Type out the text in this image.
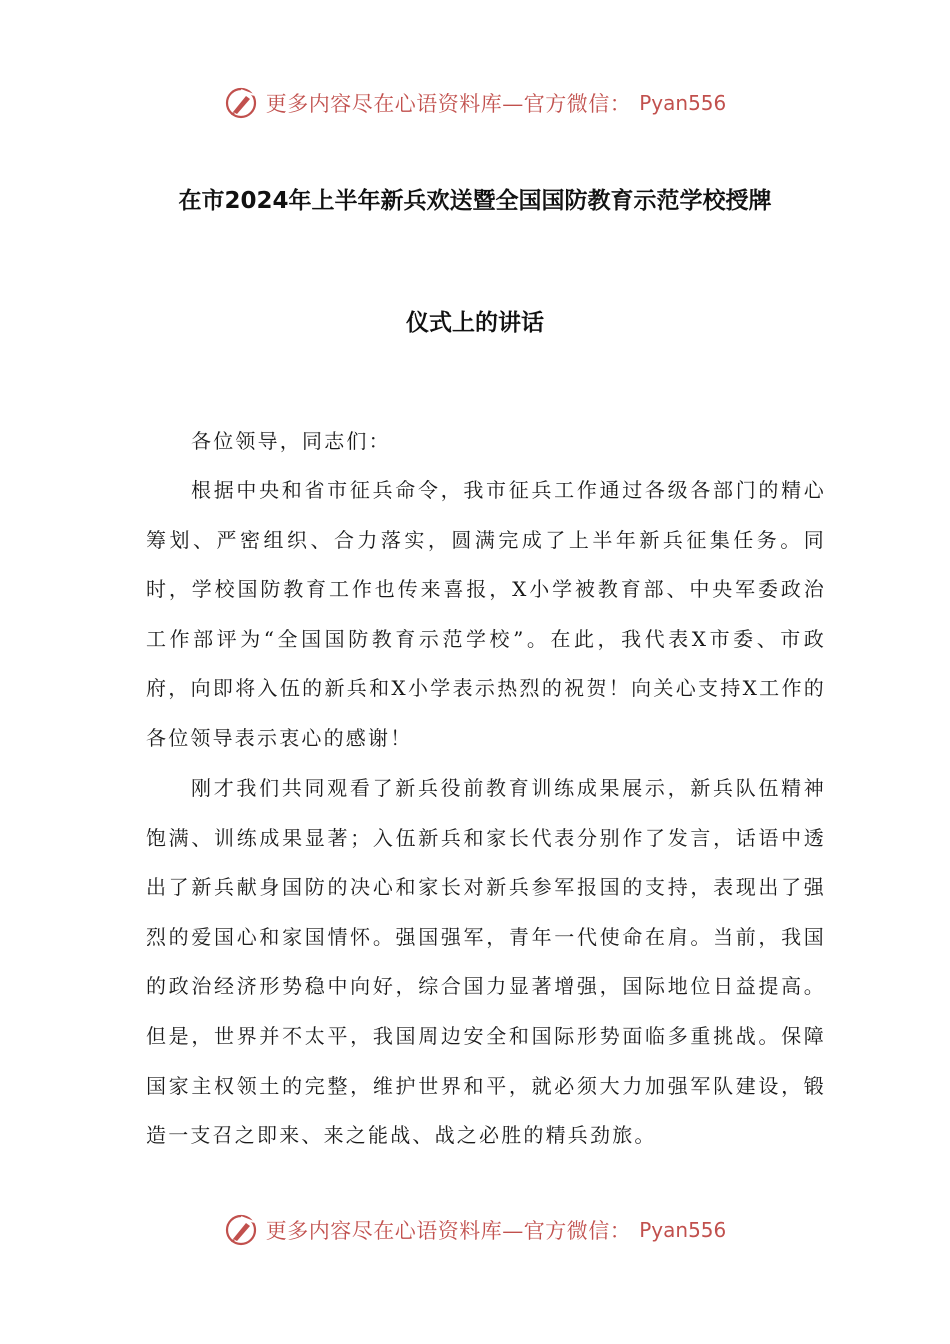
更多内容尽在心语资料库—官方微信： Pyan556
在市2024年上半年新兵欢送暨全国国防教育示范学校授牌
仪式上的讲话

各位领导，同志们：

根据中央和省市征兵命令，我市征兵工作通过各级各部门的精心筹划、严密组织、合力落实，圆满完成了上半年新兵征集任务。同时，学校国防教育工作也传来喜报，X小学被教育部、中央军委政治工作部评为“全国国防教育示范学校”。在此，我代表X市委、市政府，向即将入伍的新兵和X小学表示热烈的祝贺！向关心支持X工作的各位领导表示衷心的感谢！

刚才我们共同观看了新兵役前教育训练成果展示，新兵队伍精神饱满、训练成果显著；入伍新兵和家长代表分别作了发言，话语中透出了新兵献身国防的决心和家长对新兵参军报国的支持，表现出了强烈的爱国心和家国情怀。强国强军，青年一代使命在肩。当前，我国的政治经济形势稳中向好，综合国力显著增强，国际地位日益提高。但是，世界并不太平，我国周边安全和国际形势面临多重挑战。保障国家主权领土的完整，维护世界和平，就必须大力加强军队建设，锻造一支召之即来、来之能战、战之必胜的精兵劲旅。

更多内容尽在心语资料库—官方微信： Pyan556
